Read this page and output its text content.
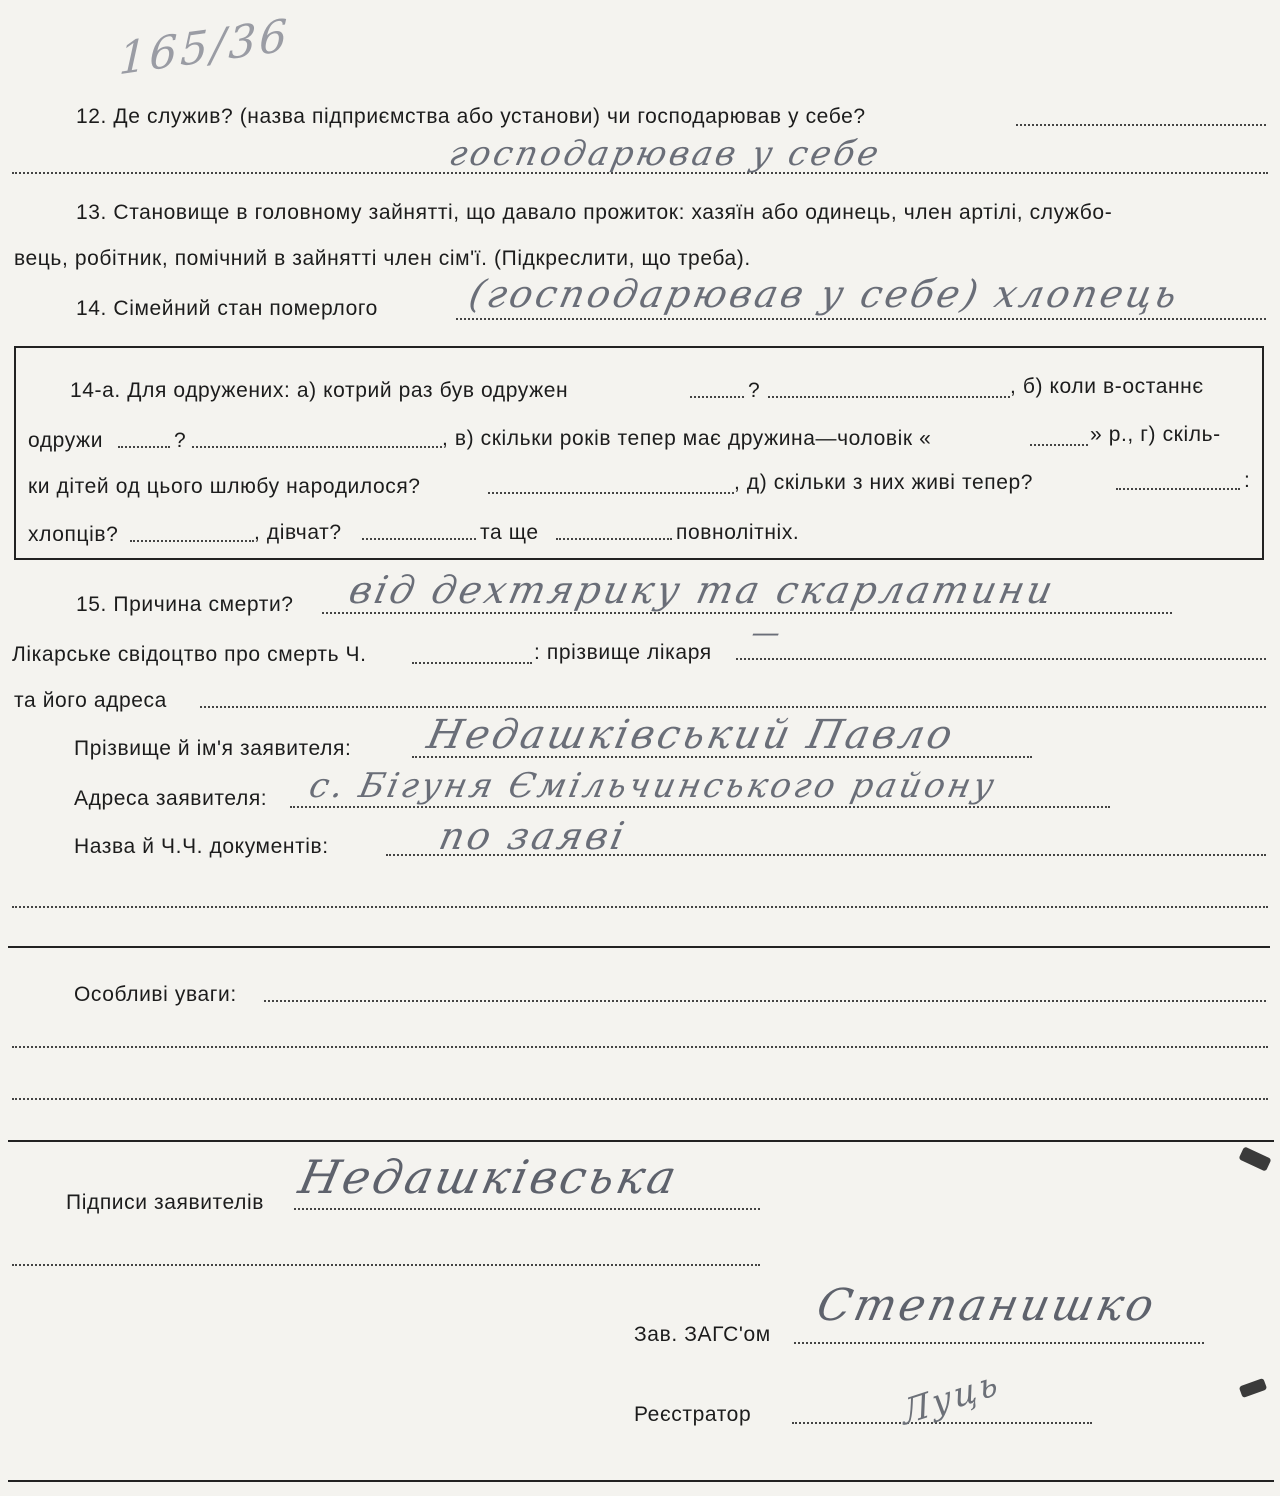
165/36
12. Де служив? (назва підприємства або установи) чи господарював у себе?
господарював у себе
13. Становище в головному зайнятті, що давало прожиток: хазяїн або одинець, член артілі, службо-
вець, робітник, помічний в зайнятті член сім'ї. (Підкреслити, що треба).
14. Сімейний стан померлого (господарював у себе) хлопець
14-а. Для одружених: а) котрий раз був одружен	?	, б) коли в-останнє
одружи	?	, в) скільки років тепер має дружина—чоловік «	» р., г) скіль-
ки дітей од цього шлюбу народилося?	, д) скільки з них живі тепер?	:
хлопців?	, дівчат?	та ще	повнолітніх.
15. Причина смерти? від дехтярику та скарлатини
Лікарське свідоцтво про смерть Ч.	: прізвище лікаря
—
та його адреса
Прізвище й ім'я заявителя: Недашківський Павло
Адреса заявителя: с. Бігуня Ємільчинського району
Назва й Ч.Ч. документів:	по заяві
Особливі уваги:
Підписи заявителів Недашківська
Зав. ЗАГС'ом
Степанишко
Реєстратор	Луць
